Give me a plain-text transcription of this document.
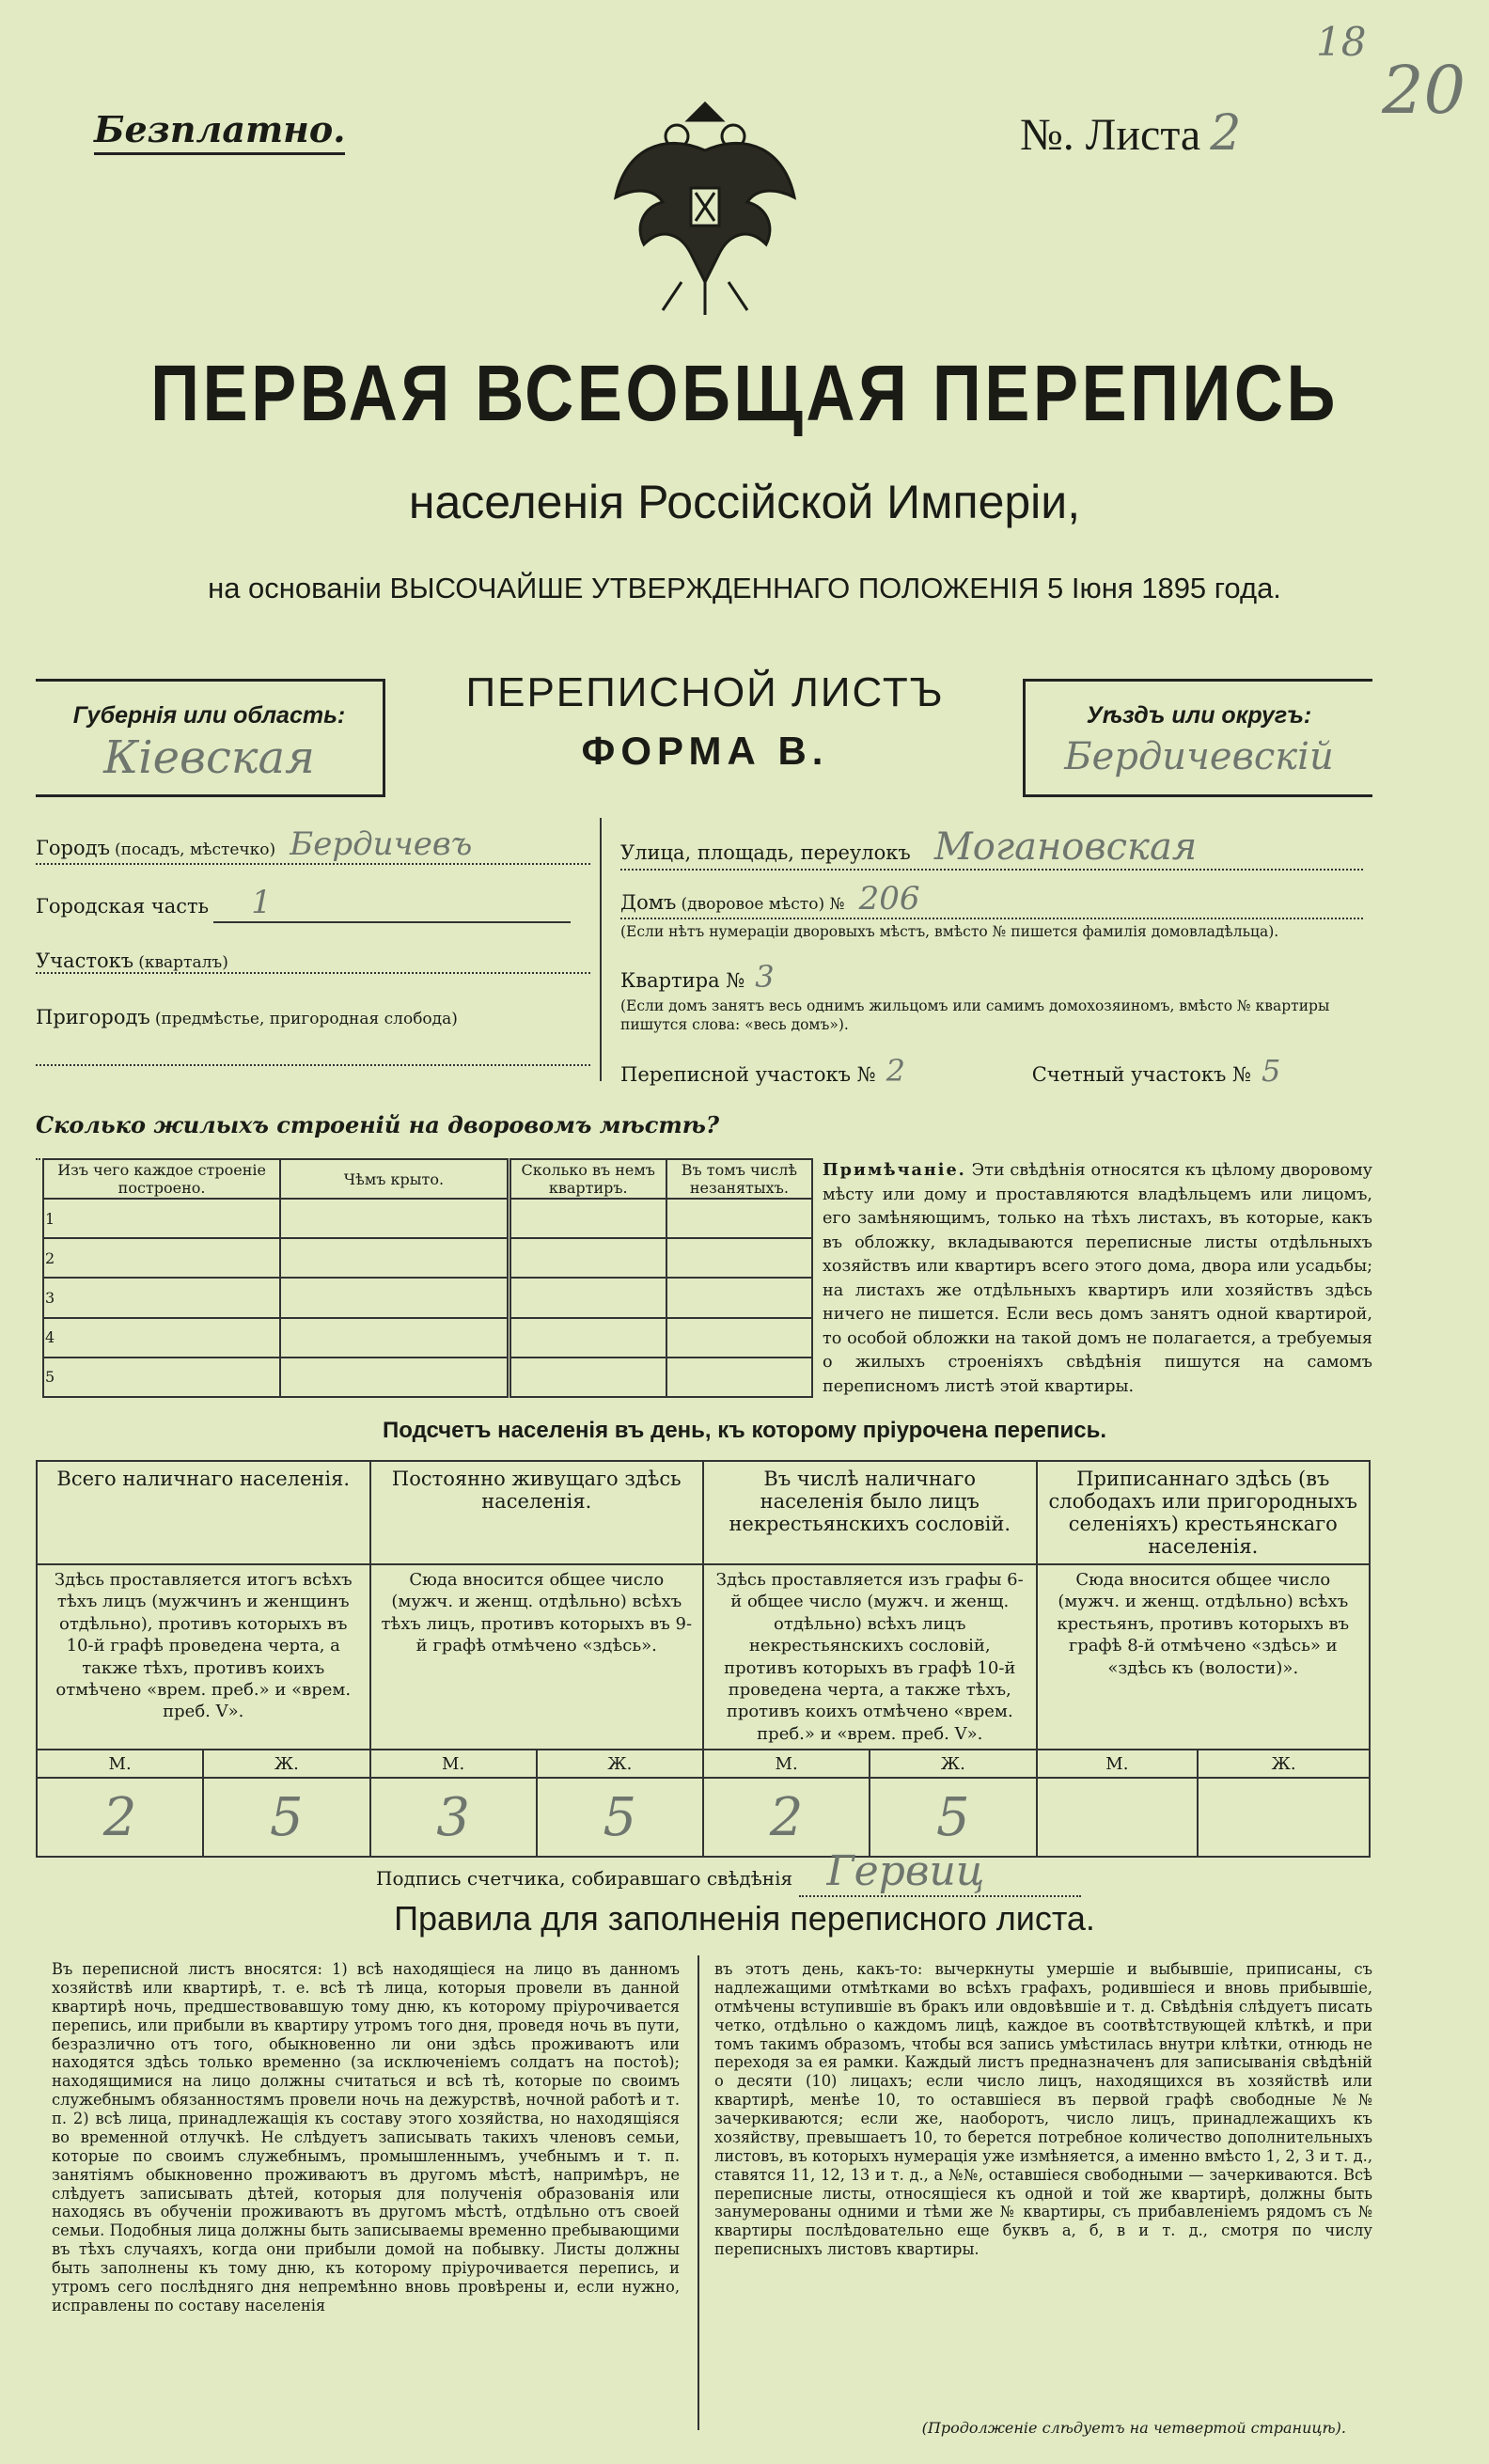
Безплатно.	№. Листа 2
18
20
ПЕРВАЯ ВСЕОБЩАЯ ПЕРЕПИСЬ
населенія Россійской Имперіи,
на основаніи ВЫСОЧАЙШЕ УТВЕРЖДЕННАГО ПОЛОЖЕНІЯ 5 Іюня 1895 года.
Губернія или область:
Кіевская
ПЕРЕПИСНОЙ ЛИСТЪ
ФОРМА В.
Уѣздъ или округъ:
Бердичевскій
Городъ (посадъ, мѣстечко) Бердичевъ
Городская часть 1
Участокъ (кварталъ)
Пригородъ (предмѣстье, пригородная слобода)
Улица, площадь, переулокъ Могановская
Домъ (дворовое мѣсто) № 206
(Если нѣтъ нумераціи дворовыхъ мѣстъ, вмѣсто № пишется фамилія домовладѣльца).
Квартира № 3
(Если домъ занятъ весь однимъ жильцомъ или самимъ домохозяиномъ, вмѣсто № квартиры пишутся слова: «весь домъ»).
Переписной участокъ № 2	Счетный участокъ № 5
Сколько жилыхъ строеній на дворовомъ мѣстѣ?
Изъ чего каждое строеніе построено.	Чѣмъ крыто.	Сколько въ немъ квартиръ.	Въ томъ числѣ незанятыхъ.
1			
2			
3			
4			
5			
Примѣчаніе. Эти свѣдѣнія относятся къ цѣлому дворовому мѣсту или дому и проставляются владѣльцемъ или лицомъ, его замѣняющимъ, только на тѣхъ листахъ, въ которые, какъ въ обложку, вкладываются переписные листы отдѣльныхъ хозяйствъ или квартиръ всего этого дома, двора или усадьбы; на листахъ же отдѣльныхъ квартиръ или хозяйствъ здѣсь ничего не пишется. Если весь домъ занятъ одной квартирой, то особой обложки на такой домъ не полагается, а требуемыя о жилыхъ строеніяхъ свѣдѣнія пишутся на самомъ переписномъ листѣ этой квартиры.
Подсчетъ населенія въ день, къ которому пріурочена перепись.
Всего наличнаго населенія.		Постоянно живущаго здѣсь населенія.		Въ числѣ наличнаго населенія было лицъ некрестьянскихъ сословій.		Приписаннаго здѣсь (въ слободахъ или пригородныхъ селеніяхъ) крестьянскаго населенія.	
Здѣсь проставляется итогъ всѣхъ тѣхъ лицъ (мужчинъ и женщинъ отдѣльно), противъ которыхъ въ 10-й графѣ проведена черта, а также тѣхъ, противъ коихъ отмѣчено «врем. преб.» и «врем. преб. V».		Сюда вносится общее число (мужч. и женщ. отдѣльно) всѣхъ тѣхъ лицъ, противъ которыхъ въ 9-й графѣ отмѣчено «здѣсь».		Здѣсь проставляется изъ графы 6-й общее число (мужч. и женщ. отдѣльно) всѣхъ лицъ некрестьянскихъ сословій, противъ которыхъ въ графѣ 10-й проведена черта, а также тѣхъ, противъ коихъ отмѣчено «врем. преб.» и «врем. преб. V».		Сюда вносится общее число (мужч. и женщ. отдѣльно) всѣхъ крестьянъ, противъ которыхъ въ графѣ 8-й отмѣчено «здѣсь» и «здѣсь къ (волости)».	
М.	Ж.	М.	Ж.	М.	Ж.	М.	Ж.
2	5	3	5	2	5		
Подпись счетчика, собиравшаго свѣдѣнія Гервиц
Правила для заполненія переписного листа.
Въ переписной листъ вносятся: 1) всѣ находящіеся на лицо въ данномъ хозяйствѣ или квартирѣ, т. е. всѣ тѣ лица, которыя провели въ данной квартирѣ ночь, предшествовавшую тому дню, къ которому пріурочивается перепись, или прибыли въ квартиру утромъ того дня, проведя ночь въ пути, безразлично отъ того, обыкновенно ли они здѣсь проживаютъ или находятся здѣсь только временно (за исключеніемъ солдатъ на постоѣ); находящимися на лицо должны считаться и всѣ тѣ, которые по своимъ служебнымъ обязанностямъ провели ночь на дежурствѣ, ночной работѣ и т. п. 2) всѣ лица, принадлежащія къ составу этого хозяйства, но находящіяся во временной отлучкѣ. Не слѣдуетъ записывать такихъ членовъ семьи, которые по своимъ служебнымъ, промышленнымъ, учебнымъ и т. п. занятіямъ обыкновенно проживаютъ въ другомъ мѣстѣ, напримѣръ, не слѣдуетъ записывать дѣтей, которыя для полученія образованія или находясь въ обученіи проживаютъ въ другомъ мѣстѣ, отдѣльно отъ своей семьи. Подобныя лица должны быть записываемы временно пребывающими въ тѣхъ случаяхъ, когда они прибыли домой на побывку. Листы должны быть заполнены къ тому дню, къ которому пріурочивается перепись, и утромъ сего послѣдняго дня непремѣнно вновь провѣрены и, если нужно, исправлены по составу населенія
въ этотъ день, какъ-то: вычеркнуты умершіе и выбывшіе, приписаны, съ надлежащими отмѣтками во всѣхъ графахъ, родившіеся и вновь прибывшіе, отмѣчены вступившіе въ бракъ или овдовѣвшіе и т. д. Свѣдѣнія слѣдуетъ писать четко, отдѣльно о каждомъ лицѣ, каждое въ соотвѣтствующей клѣткѣ, и при томъ такимъ образомъ, чтобы вся запись умѣстилась внутри клѣтки, отнюдь не переходя за ея рамки. Каждый листъ предназначенъ для записыванія свѣдѣній о десяти (10) лицахъ; если число лицъ, находящихся въ хозяйствѣ или квартирѣ, менѣе 10, то оставшіеся въ первой графѣ свободные №№ зачеркиваются; если же, наоборотъ, число лицъ, принадлежащихъ къ хозяйству, превышаетъ 10, то берется потребное количество дополнительныхъ листовъ, въ которыхъ нумерація уже измѣняется, а именно вмѣсто 1, 2, 3 и т. д., ставятся 11, 12, 13 и т. д., а №№, оставшіеся свободными — зачеркиваются. Всѣ переписные листы, относящіеся къ одной и той же квартирѣ, должны быть занумерованы одними и тѣми же № квартиры, съ прибавленіемъ рядомъ съ № квартиры послѣдовательно еще буквъ а, б, в и т. д., смотря по числу переписныхъ листовъ квартиры.
(Продолженіе слѣдуетъ на четвертой страницѣ).
